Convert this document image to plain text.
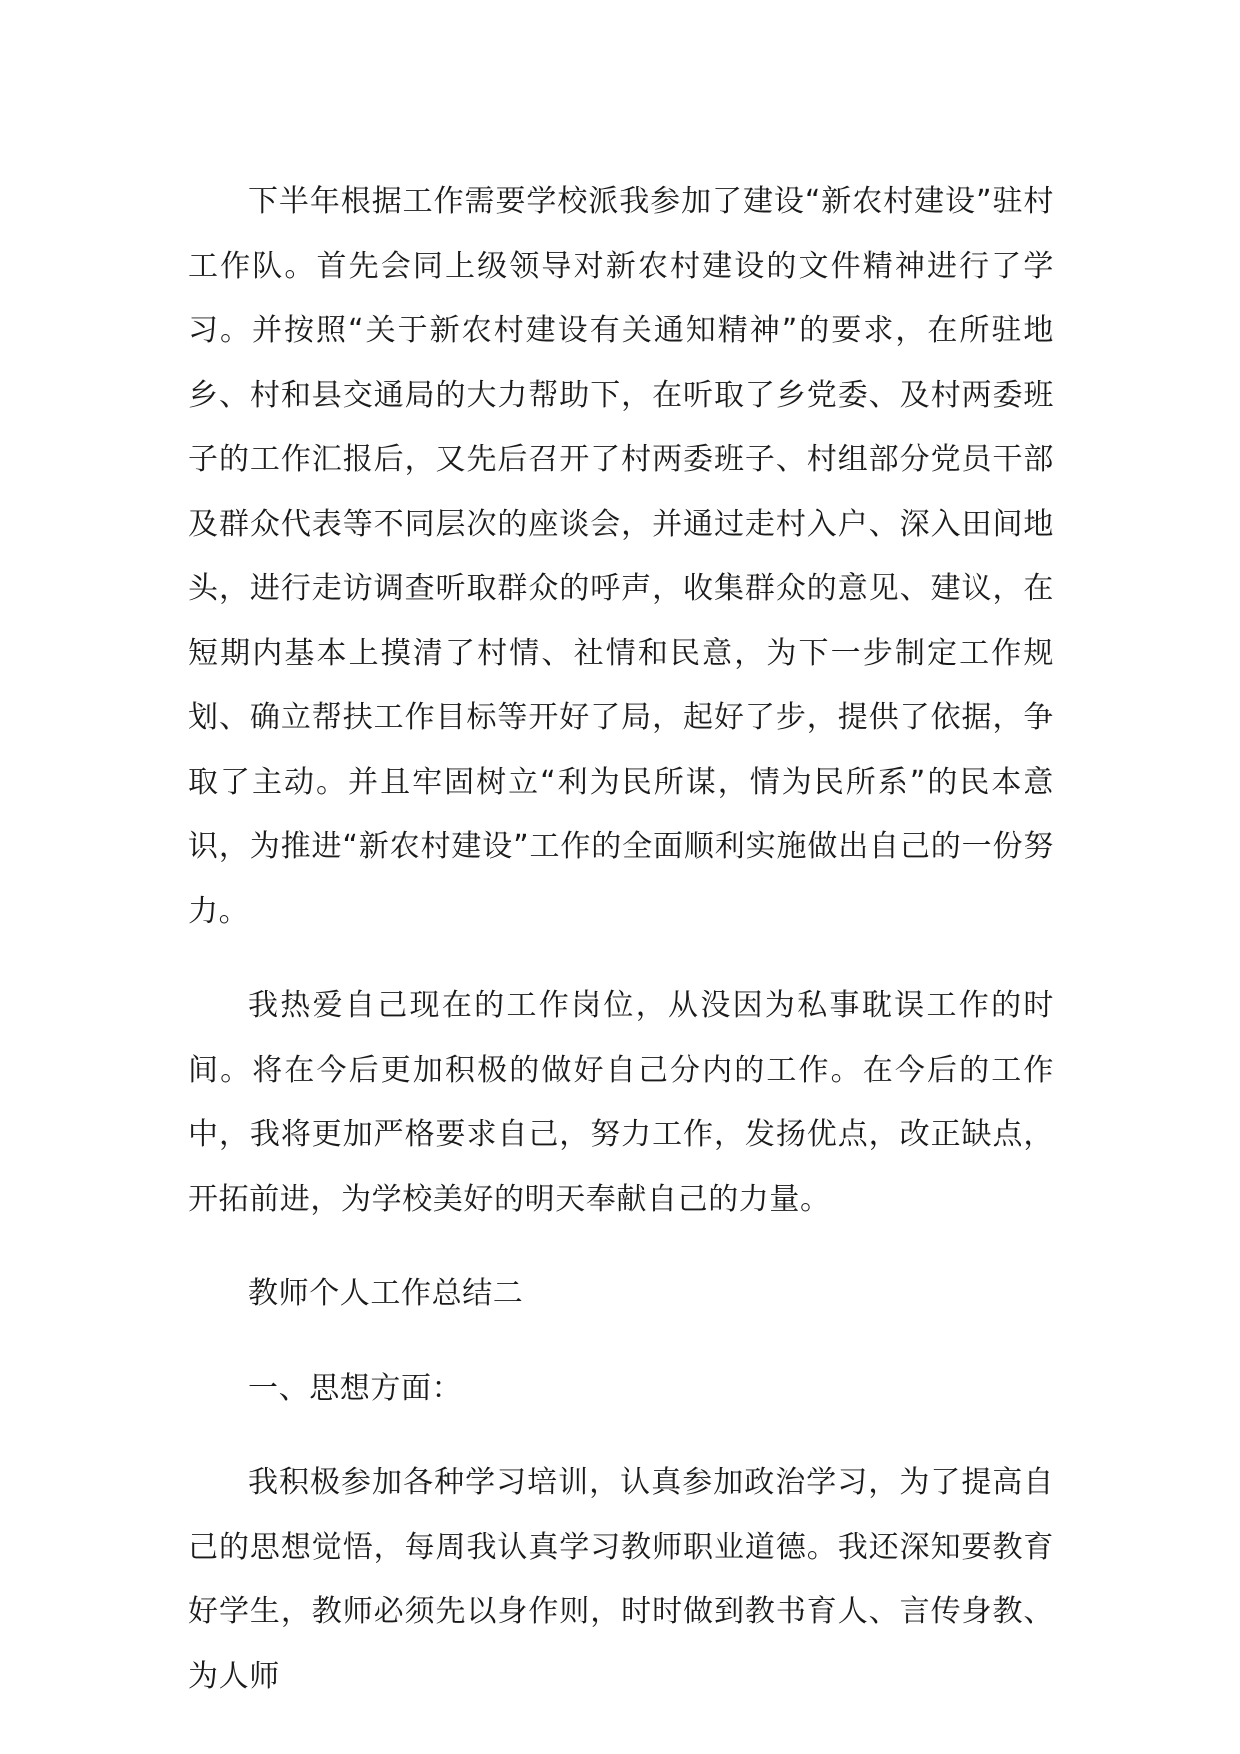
下半年根据工作需要学校派我参加了建设“新农村建设”驻村工作队。首先会同上级领导对新农村建设的文件精神进行了学习。并按照“关于新农村建设有关通知精神”的要求，在所驻地乡、村和县交通局的大力帮助下，在听取了乡党委、及村两委班子的工作汇报后，又先后召开了村两委班子、村组部分党员干部及群众代表等不同层次的座谈会，并通过走村入户、深入田间地头，进行走访调查听取群众的呼声，收集群众的意见、建议，在短期内基本上摸清了村情、社情和民意，为下一步制定工作规划、确立帮扶工作目标等开好了局，起好了步，提供了依据，争取了主动。并且牢固树立“利为民所谋，情为民所系”的民本意识，为推进“新农村建设”工作的全面顺利实施做出自己的一份努力。

我热爱自己现在的工作岗位，从没因为私事耽误工作的时间。将在今后更加积极的做好自己分内的工作。在今后的工作中，我将更加严格要求自己，努力工作，发扬优点，改正缺点，开拓前进，为学校美好的明天奉献自己的力量。

教师个人工作总结二

一、思想方面：

我积极参加各种学习培训，认真参加政治学习，为了提高自己的思想觉悟，每周我认真学习教师职业道德。我还深知要教育好学生，教师必须先以身作则，时时做到教书育人、言传身教、为人师
